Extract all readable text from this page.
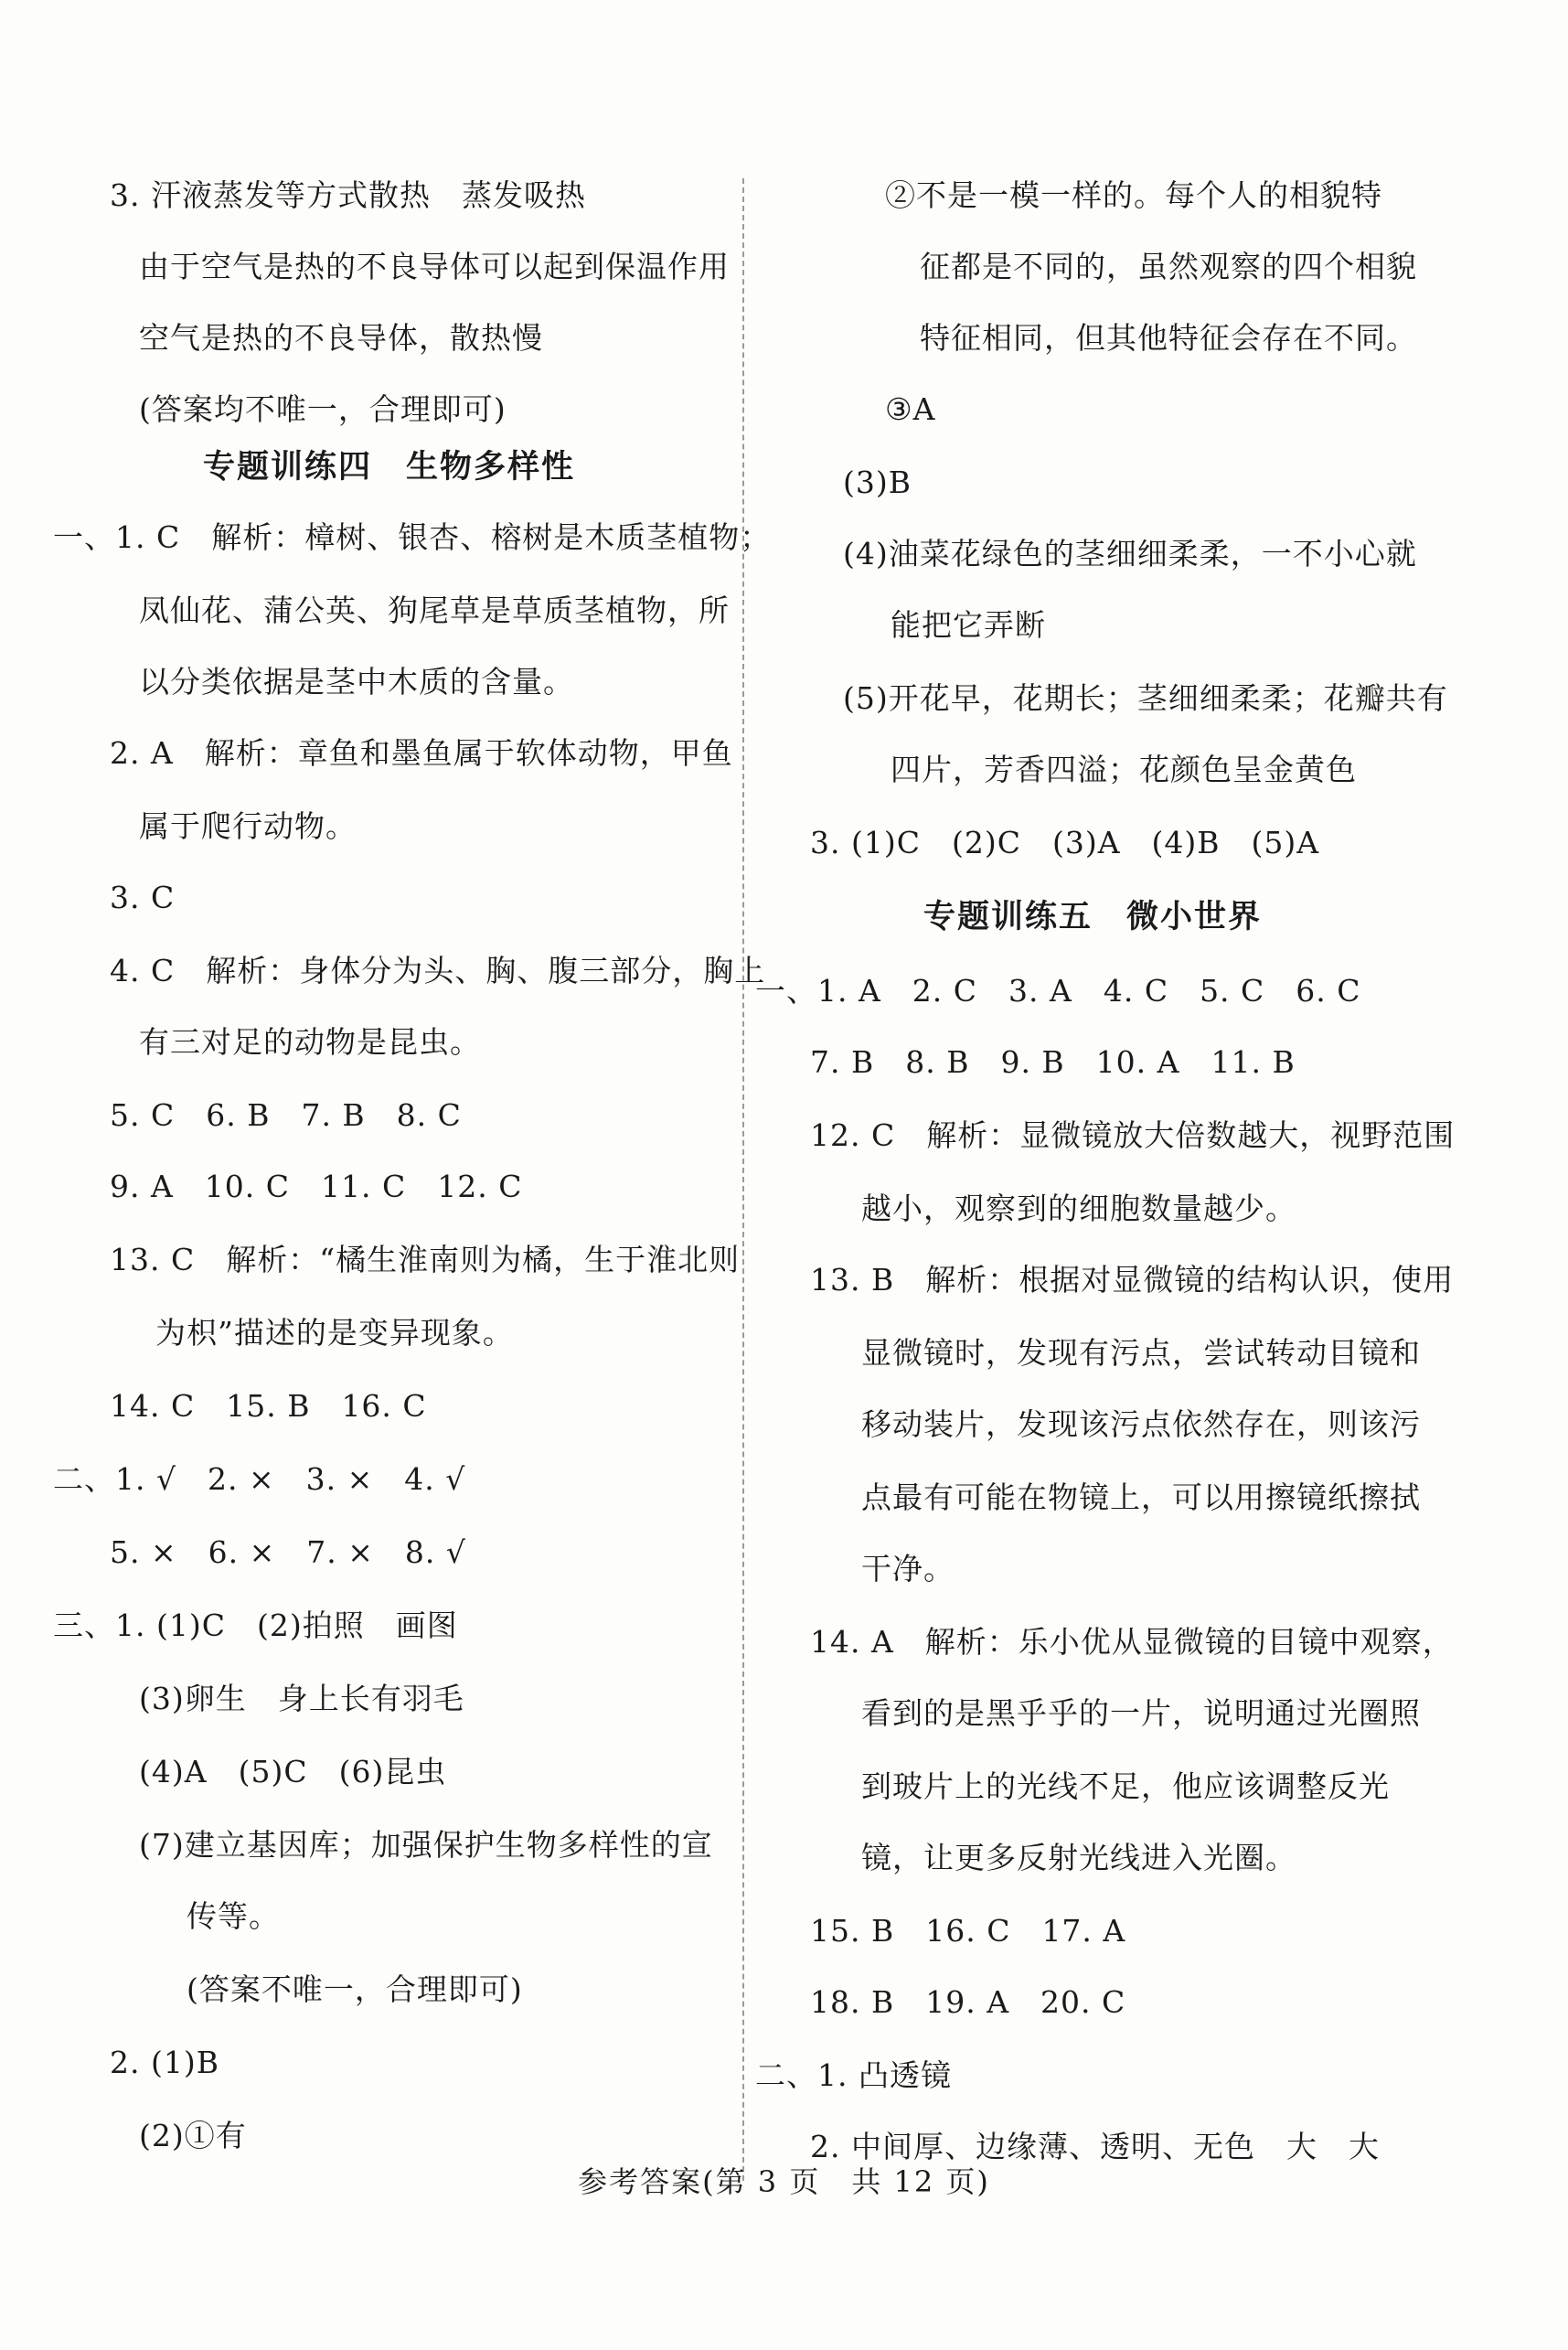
3. 汗液蒸发等方式散热　蒸发吸热
由于空气是热的不良导体可以起到保温作用
空气是热的不良导体，散热慢
(答案均不唯一，合理即可)
专题训练四　生物多样性
一、1. C　解析：樟树、银杏、榕树是木质茎植物；
凤仙花、蒲公英、狗尾草是草质茎植物，所
以分类依据是茎中木质的含量。
2. A　解析：章鱼和墨鱼属于软体动物，甲鱼
属于爬行动物。
3. C
4. C　解析：身体分为头、胸、腹三部分，胸上
有三对足的动物是昆虫。
5. C　6. B　7. B　8. C
9. A　10. C　11. C　12. C
13. C　解析：“橘生淮南则为橘，生于淮北则
为枳”描述的是变异现象。
14. C　15. B　16. C
二、1. √　2. ×　3. ×　4. √
5. ×　6. ×　7. ×　8. √
三、1. (1)C　(2)拍照　画图
(3)卵生　身上长有羽毛
(4)A　(5)C　(6)昆虫
(7)建立基因库；加强保护生物多样性的宣
传等。
(答案不唯一，合理即可)
2. (1)B
(2)①有
②不是一模一样的。每个人的相貌特
征都是不同的，虽然观察的四个相貌
特征相同，但其他特征会存在不同。
③A
(3)B
(4)油菜花绿色的茎细细柔柔，一不小心就
能把它弄断
(5)开花早，花期长；茎细细柔柔；花瓣共有
四片，芳香四溢；花颜色呈金黄色
3. (1)C　(2)C　(3)A　(4)B　(5)A
专题训练五　微小世界
一、1. A　2. C　3. A　4. C　5. C　6. C
7. B　8. B　9. B　10. A　11. B
12. C　解析：显微镜放大倍数越大，视野范围
越小，观察到的细胞数量越少。
13. B　解析：根据对显微镜的结构认识，使用
显微镜时，发现有污点，尝试转动目镜和
移动装片，发现该污点依然存在，则该污
点最有可能在物镜上，可以用擦镜纸擦拭
干净。
14. A　解析：乐小优从显微镜的目镜中观察，
看到的是黑乎乎的一片，说明通过光圈照
到玻片上的光线不足，他应该调整反光
镜，让更多反射光线进入光圈。
15. B　16. C　17. A
18. B　19. A　20. C
二、1. 凸透镜
2. 中间厚、边缘薄、透明、无色　大　大
参考答案(第 3 页　共 12 页)
